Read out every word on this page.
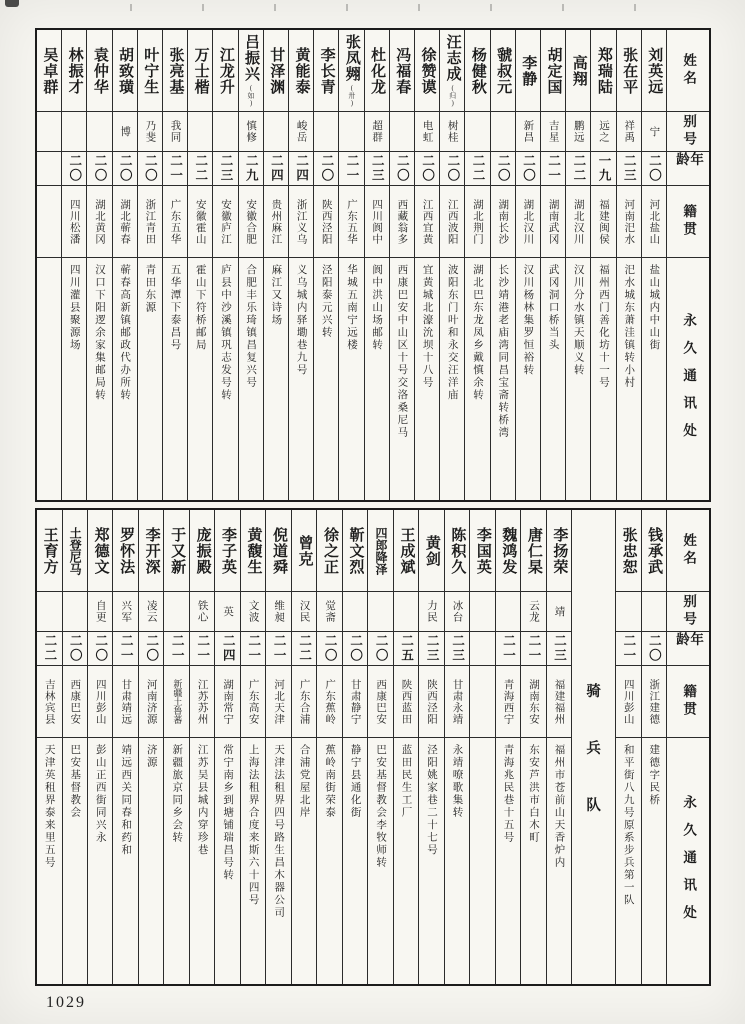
姓名
别号
年龄
籍贯
永久通讯处
刘英远
宁
二〇
河北盐山
盐山城内中山街
张在平
祥禹
二三
河南汜水
汜水城东萧洼镇转小村
郑瑞陆
远之
一九
福建闽侯
福州西门善化坊十一号
高翔
鹏远
二二
湖北汉川
汉川分水镇天顺义转
胡定国
吉星
二一
湖南武冈
武冈洞口桥当头
李静
新昌
二〇
湖北汉川
汉川杨林集罗恒裕转
虢叔元
二〇
湖南长沙
长沙靖港老庙湾同昌宝斋转桥湾
杨健秋
二二
湖北荆门
湖北巴东龙凤乡戴慎余转
汪志成(归)
树桂
二〇
江西波阳
波阳东门叶和永交汪洋庙
徐赞谟
电虹
二〇
江西宜黄
宜黄城北濠沇坝十八号
冯福春
二〇
西藏翁多
西康巴安中山区十号交洛桑尼马
杜化龙
超群
二三
四川阆中
阆中洪山场邮转
张凤翙(卅)
二一
广东五华
华城五南宁远楼
李长青
二〇
陕西泾阳
泾阳泰元兴转
黄能泰
峻岳
二四
浙江义乌
义乌城内驿墈巷九号
甘泽渊
二四
贵州麻江
麻江又诗场
吕振兴(如)
慎修
二九
安徽合肥
合肥丰乐琦镇昌复兴号
江龙升
二三
安徽庐江
庐县中沙溪镇巩志发号转
万士楷
二二
安徽霍山
霍山下符桥邮局
张亮基
我同
二一
广东五华
五华潭下泰昌号
叶宁生
乃斐
二〇
浙江青田
青田东源
胡致璜
博
二〇
湖北蕲春
蕲春高新镇邮政代办所转
袁仲华
二〇
湖北黄冈
汉口下阳逻余家集邮局转
林振才
二〇
四川松潘
四川灌县聚源场
吴卓群
姓名
别号
年龄
籍贯
永久通讯处
钱承武
二〇
浙江建德
建德字民桥
张忠恕
二一
四川彭山
和平街八九号原系步兵第一队
骑
兵
队
李扬荣
靖
二三
福建福州
福州市苍前山天香炉内
唐仁杲
云龙
二一
湖南东安
东安芦洪市白木町
魏鸿发
二一
青海西宁
青海兆民巷十五号
李国英
陈积久
冰台
二三
甘肃永靖
永靖嘹歌集转
黄剑
力民
二三
陕西泾阳
泾阳姚家巷二十七号
王成斌
二五
陕西蓝田
蓝田民生工厂
四郎降泽
二〇
西康巴安
巴安基督教会李牧师转
靳文烈
二〇
甘肃静宁
静宁县通化街
徐之正
觉斋
二〇
广东蕉岭
蕉岭南街荣泰
曾克
汉民
二二
广东合浦
合浦党屋北岸
倪道舜
维昶
二一
河北天津
天津法租界四号路生昌木器公司
黄馥生
文波
二一
广东高安
上海法租界合度来斯六十四号
李子英
英
二四
湖南常宁
常宁南乡到塘铺瑞昌号转
庞振殿
铁心
二一
江苏苏州
江苏吴县城内穿珍巷
于又新
二一
新疆土鲁蕃
新疆旅京同乡会转
李开深
凌云
二〇
河南济源
济源
罗怀法
兴军
二一
甘肃靖远
靖远西关同春和药和
郑德文
自更
二〇
四川彭山
彭山正西街同兴永
土登尼马
二〇
西康巴安
巴安基督教会
王育方
二二
吉林宾县
天津英租界泰来里五号
1029
